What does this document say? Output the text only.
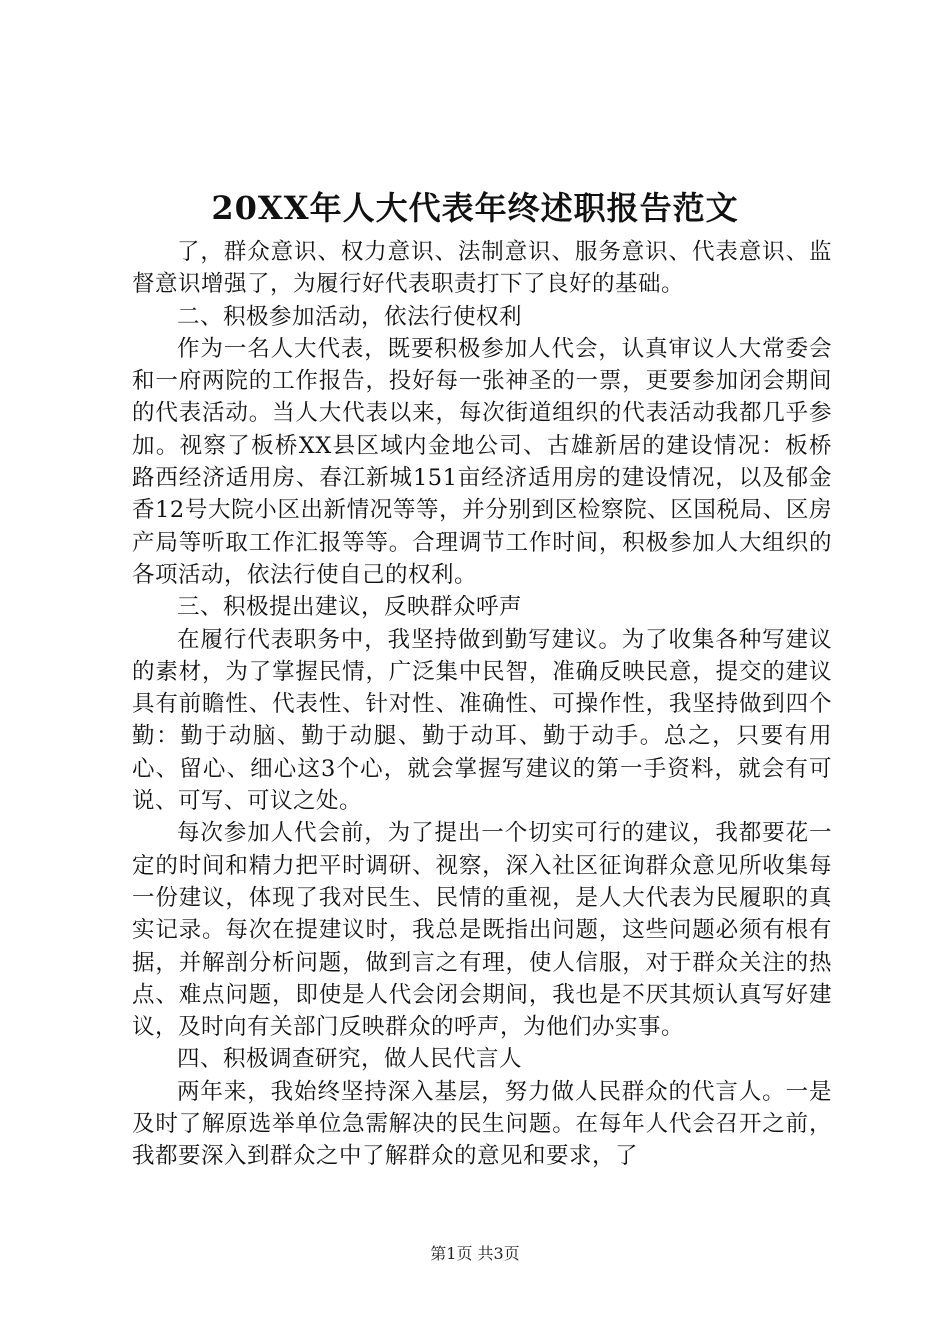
20XX年人大代表年终述职报告范文

了，群众意识、权力意识、法制意识、服务意识、代表意识、监督意识增强了，为履行好代表职责打下了良好的基础。

二、积极参加活动，依法行使权利

作为一名人大代表，既要积极参加人代会，认真审议人大常委会和一府两院的工作报告，投好每一张神圣的一票，更要参加闭会期间的代表活动。当人大代表以来，每次街道组织的代表活动我都几乎参加。视察了板桥XX县区域内金地公司、古雄新居的建设情况：板桥路西经济适用房、春江新城151亩经济适用房的建设情况，以及郁金香12号大院小区出新情况等等，并分别到区检察院、区国税局、区房产局等听取工作汇报等等。合理调节工作时间，积极参加人大组织的各项活动，依法行使自己的权利。

三、积极提出建议，反映群众呼声

在履行代表职务中，我坚持做到勤写建议。为了收集各种写建议的素材，为了掌握民情，广泛集中民智，准确反映民意，提交的建议具有前瞻性、代表性、针对性、准确性、可操作性，我坚持做到四个勤：勤于动脑、勤于动腿、勤于动耳、勤于动手。总之，只要有用心、留心、细心这3个心，就会掌握写建议的第一手资料，就会有可说、可写、可议之处。

每次参加人代会前，为了提出一个切实可行的建议，我都要花一定的时间和精力把平时调研、视察，深入社区征询群众意见所收集每一份建议，体现了我对民生、民情的重视，是人大代表为民履职的真实记录。每次在提建议时，我总是既指出问题，这些问题必须有根有据，并解剖分析问题，做到言之有理，使人信服，对于群众关注的热点、难点问题，即使是人代会闭会期间，我也是不厌其烦认真写好建议，及时向有关部门反映群众的呼声，为他们办实事。

四、积极调查研究，做人民代言人

两年来，我始终坚持深入基层，努力做人民群众的代言人。一是及时了解原选举单位急需解决的民生问题。在每年人代会召开之前，我都要深入到群众之中了解群众的意见和要求，了

第1页 共3页
